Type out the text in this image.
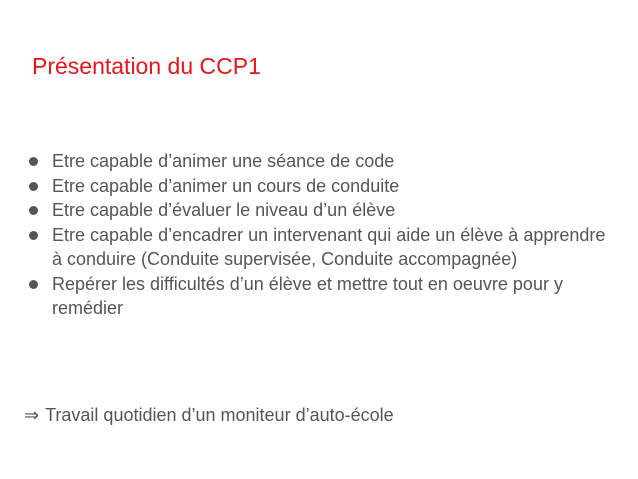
Présentation du CCP1
Etre capable d’animer une séance de code
Etre capable d’animer un cours de conduite
Etre capable d’évaluer le niveau d’un élève
Etre capable d’encadrer un intervenant qui aide un élève à apprendre à conduire (Conduite supervisée, Conduite accompagnée)
Repérer les difficultés d’un élève et mettre tout en oeuvre pour y remédier
⇒ Travail quotidien d’un moniteur d’auto-école
